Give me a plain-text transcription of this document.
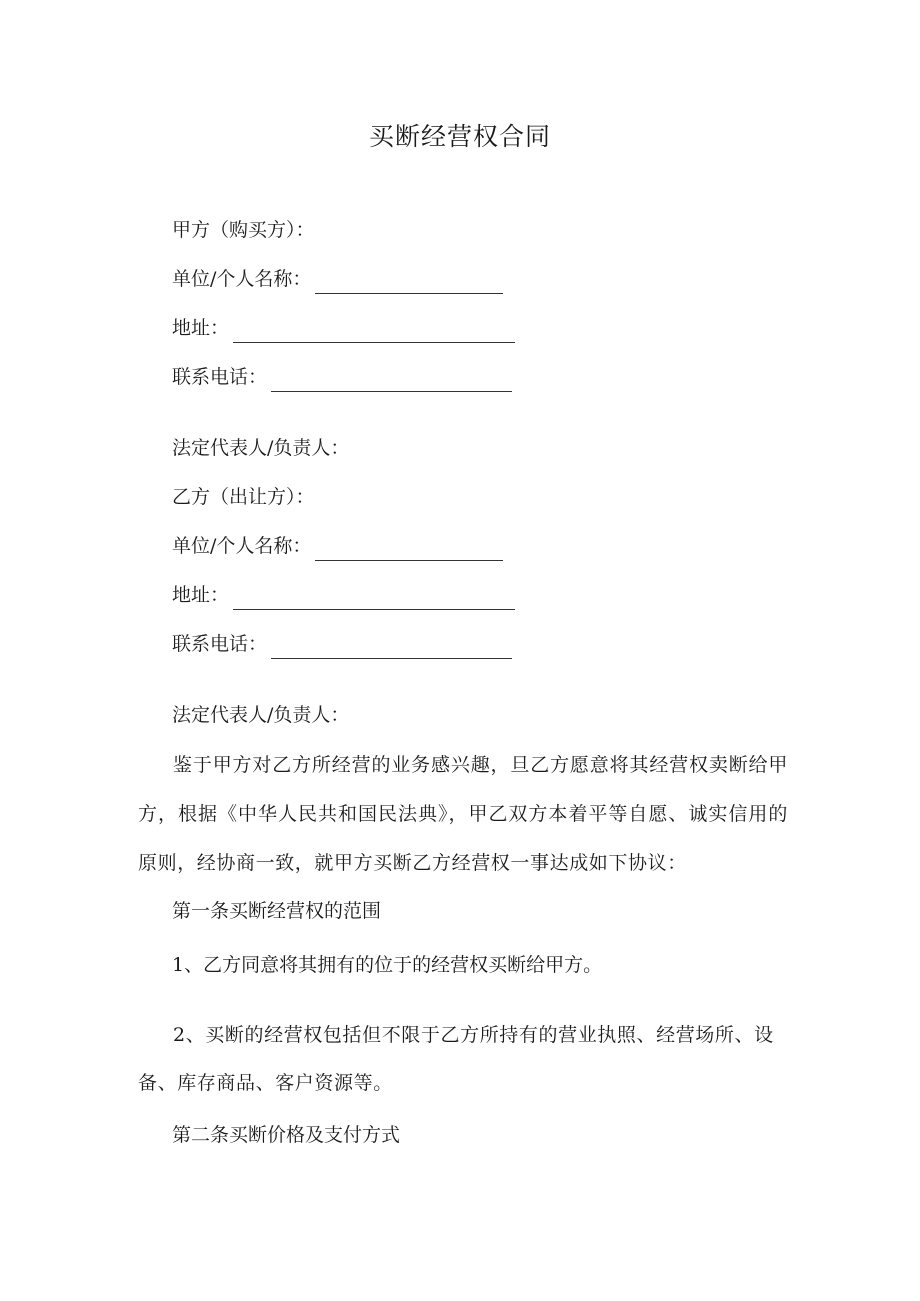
买断经营权合同
甲方（购买方）：
单位/个人名称：
地址：
联系电话：
法定代表人/负责人：
乙方（出让方）：
单位/个人名称：
地址：
联系电话：
法定代表人/负责人：
鉴于甲方对乙方所经营的业务感兴趣，旦乙方愿意将其经营权卖断给甲方，根据《中华人民共和国民法典》，甲乙双方本着平等自愿、诚实信用的原则，经协商一致，就甲方买断乙方经营权一事达成如下协议：
第一条买断经营权的范围
1、乙方同意将其拥有的位于的经营权买断给甲方。
2、买断的经营权包括但不限于乙方所持有的营业执照、经营场所、设备、库存商品、客户资源等。
第二条买断价格及支付方式
